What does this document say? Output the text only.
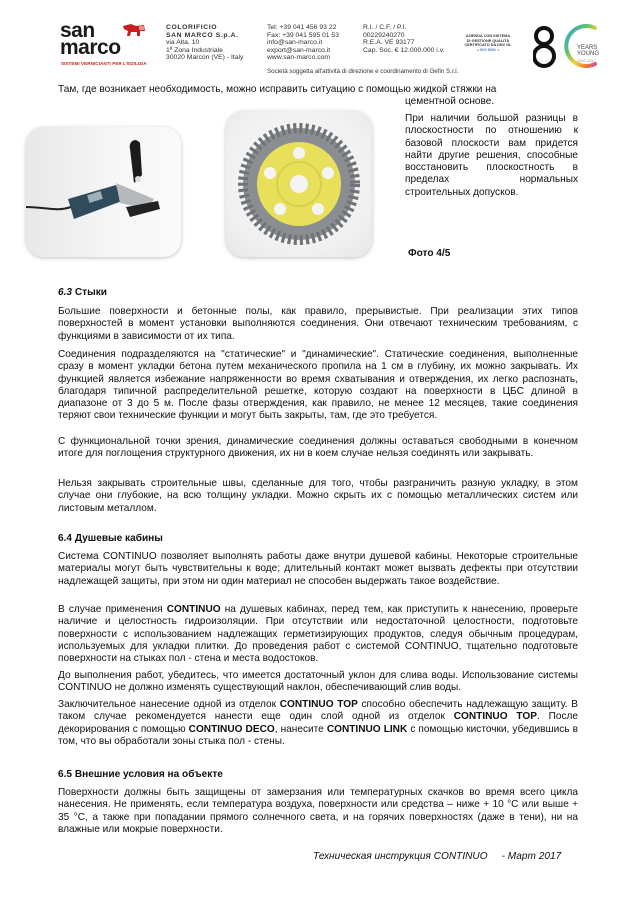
san
marco
SISTEMI VERNICIANTI PER L'EDILIZIA
COLORIFICIO
SAN MARCO S.p.A.
via Alta, 10
1ª Zona Industriale
30020 Marcon (VE) - Italy
Tel: +39 041 456 93 22
Fax: +39 041 595 01 53
info@san-marco.it
export@san-marco.it
www.san-marco.com
R.I. / C.F. / P.I.
00229240270
R.E.A. VE 93177
Cap. Soc. € 12.000.000 i.v.
Società soggetta all'attività di direzione e coordinamento di Gefin S.r.l.
AZIENDA CON SISTEMA
DI GESTIONE QUALITÀ
CERTIFICATO DA DNV GL
= ISO 9001 =	YEARS
YOUNG
1937-2017
Там, где возникает необходимость, можно исправить ситуацию с помощью жидкой стяжки на
цементной основе.
При наличии большой разницы в плоскостности по отношению к базовой плоскости вам придется найти другие решения, способные восстановить плоскостность в пределах нормальных строительных допусков.
Фото 4/5
6.3 Стыки
Большие поверхности и бетонные полы, как правило, прерывистые. При реализации этих типов поверхностей в момент установки выполняются соединения. Они отвечают техническим требованиям, с функциями в зависимости от их типа.
Соединения подразделяются на "статические" и "динамические". Статические соединения, выполненные сразу в момент укладки бетона путем механического пропила на 1 см в глубину, их можно закрывать. Их функцией является избежание напряженности во время схватывания и отверждения, их легко распознать, благодаря типичной распределительной решетке, которую создают на поверхности в ЦБС длиной в диапазоне от 3 до 5 м. После фазы отверждения, как правило, не менее 12 месяцев, такие соединения теряют свои технические функции и могут быть закрыты, там, где это требуется.
С функциональной точки зрения, динамические соединения должны оставаться свободными в конечном итоге для поглощения структурного движения, их ни в коем случае нельзя соединять или закрывать.
Нельзя закрывать строительные швы, сделанные для того, чтобы разграничить разную укладку, в этом случае они глубокие, на всю толщину укладки. Можно скрыть их с помощью металлических систем или листовым металлом.
6.4 Душевые кабины
Система CONTINUO позволяет выполнять работы даже внутри душевой кабины. Некоторые строительные материалы могут быть чувствительны к воде; длительный контакт может вызвать дефекты при отсутствии надлежащей защиты, при этом ни один материал не способен выдержать такое воздействие.
В случае применения CONTINUO на душевых кабинах, перед тем, как приступить к нанесению, проверьте наличие и целостность гидроизоляции. При отсутствии или недостаточной целостности, подготовьте поверхности с использованием надлежащих герметизирующих продуктов, следуя обычным процедурам, используемых для укладки плитки. До проведения работ с системой CONTINUO, тщательно подготовьте поверхности на стыках пол - стена и места водостоков.
До выполнения работ, убедитесь, что имеется достаточный уклон для слива воды. Использование системы CONTINUO не должно изменять существующий наклон, обеспечивающий слив воды.
Заключительное нанесение одной из отделок CONTINUO TOP способно обеспечить надлежащую защиту. В таком случае рекомендуется нанести еще один слой одной из отделок CONTINUO TOP. После декорирования с помощью CONTINUO DECO, нанесите CONTINUO LINK с помощью кисточки, убедившись в том, что вы обработали зоны стыка пол - стены.
6.5 Внешние условия на объекте
Поверхности должны быть защищены от замерзания или температурных скачков во время всего цикла нанесения. Не применять, если температура воздуха, поверхности или средства – ниже + 10 °C или выше + 35 °C, а также при попадании прямого солнечного света, и на горячих поверхностях (даже в тени), ни на влажные или мокрые поверхности.
Техническая инструкция CONTINUO - Март 2017
